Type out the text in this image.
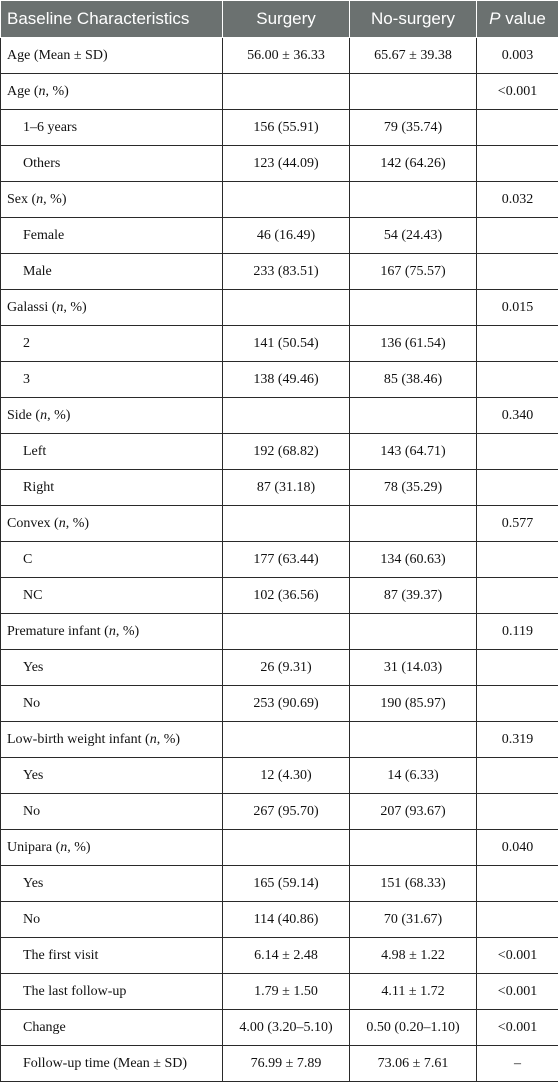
Baseline Characteristics	Surgery	No-surgery	P value
Age (Mean ± SD)	56.00 ± 36.33	65.67 ± 39.38	0.003
Age (n, %)			<0.001
1–6 years	156 (55.91)	79 (35.74)	
Others	123 (44.09)	142 (64.26)	
Sex (n, %)			0.032
Female	46 (16.49)	54 (24.43)	
Male	233 (83.51)	167 (75.57)	
Galassi (n, %)			0.015
2	141 (50.54)	136 (61.54)	
3	138 (49.46)	85 (38.46)	
Side (n, %)			0.340
Left	192 (68.82)	143 (64.71)	
Right	87 (31.18)	78 (35.29)	
Convex (n, %)			0.577
C	177 (63.44)	134 (60.63)	
NC	102 (36.56)	87 (39.37)	
Premature infant (n, %)			0.119
Yes	26 (9.31)	31 (14.03)	
No	253 (90.69)	190 (85.97)	
Low-birth weight infant (n, %)			0.319
Yes	12 (4.30)	14 (6.33)	
No	267 (95.70)	207 (93.67)	
Unipara (n, %)			0.040
Yes	165 (59.14)	151 (68.33)	
No	114 (40.86)	70 (31.67)	
The first visit	6.14 ± 2.48	4.98 ± 1.22	<0.001
The last follow-up	1.79 ± 1.50	4.11 ± 1.72	<0.001
Change	4.00 (3.20–5.10)	0.50 (0.20–1.10)	<0.001
Follow-up time (Mean ± SD)	76.99 ± 7.89	73.06 ± 7.61	–
